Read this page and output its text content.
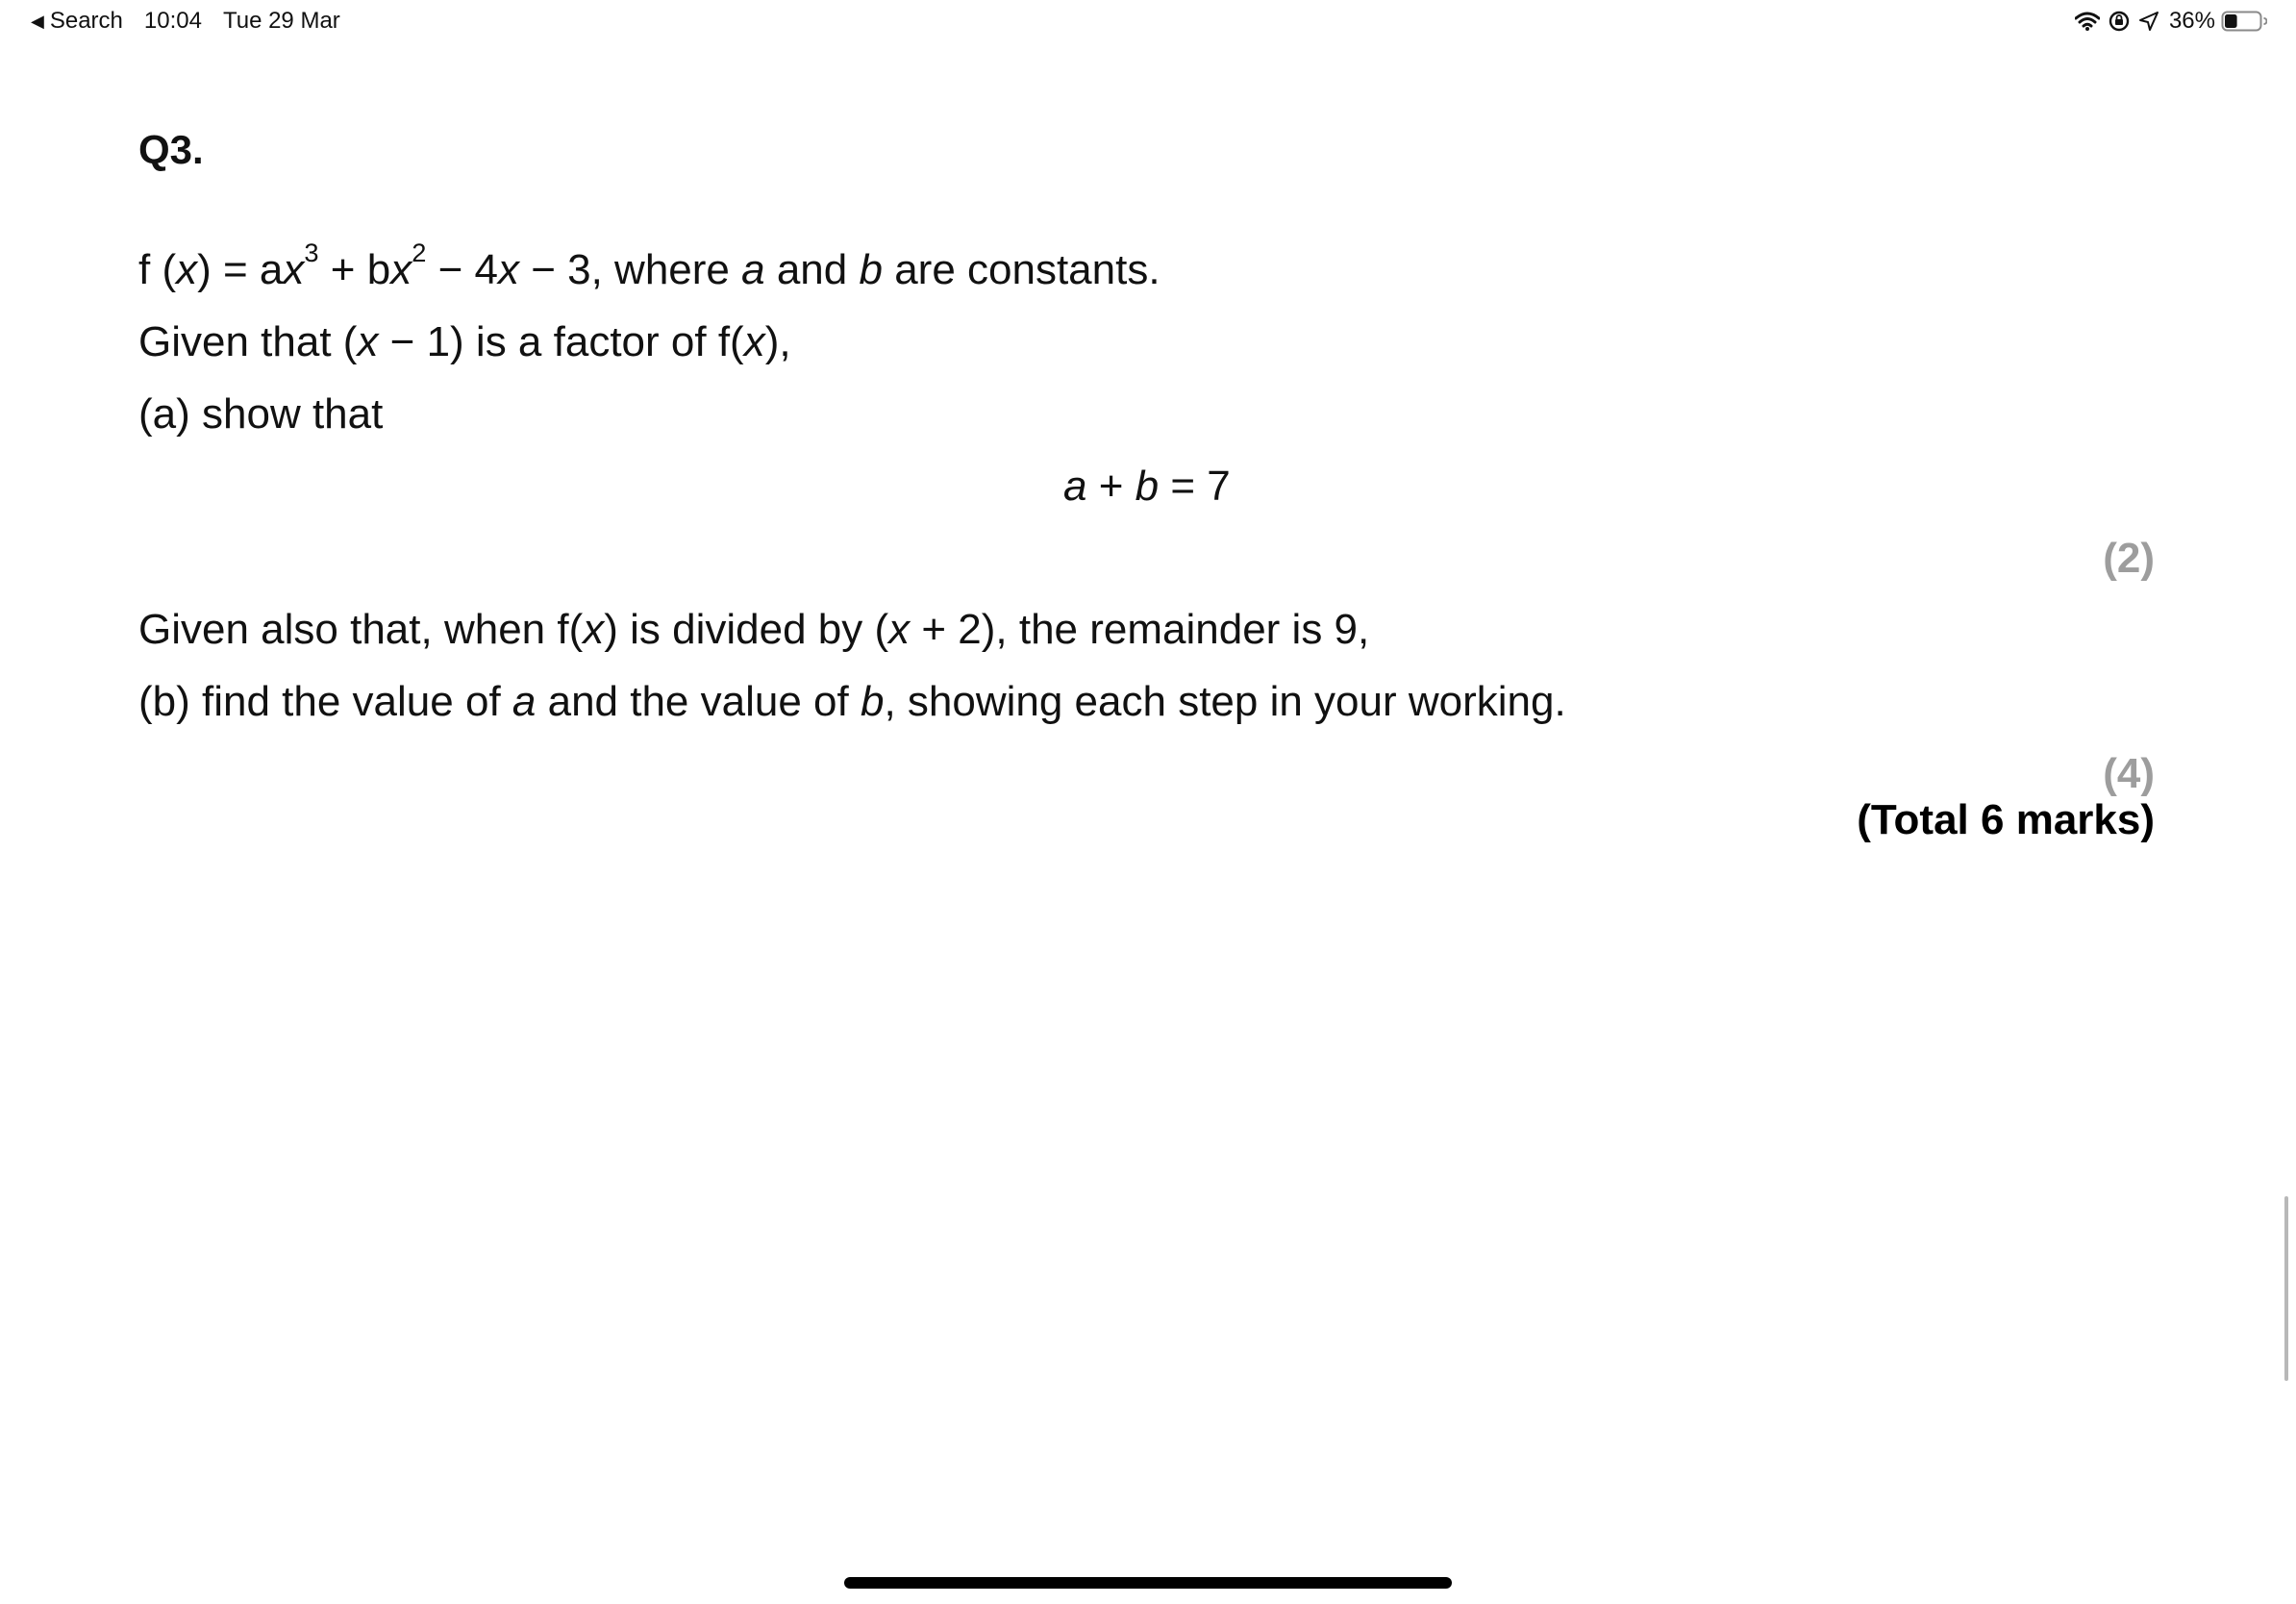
◀ Search 10:04 Tue 29 Mar	36%
Q3.

f $(x) = ax^3 + bx^2 - 4x - 3$, where a and b are constants.

Given that (x − 1) is a factor of f(x),

(a) show that

a + b = 7

(2)

Given also that, when f(x) is divided by (x + 2), the remainder is 9,

(b) find the value of a and the value of b, showing each step in your working.

(4)

(Total 6 marks)
